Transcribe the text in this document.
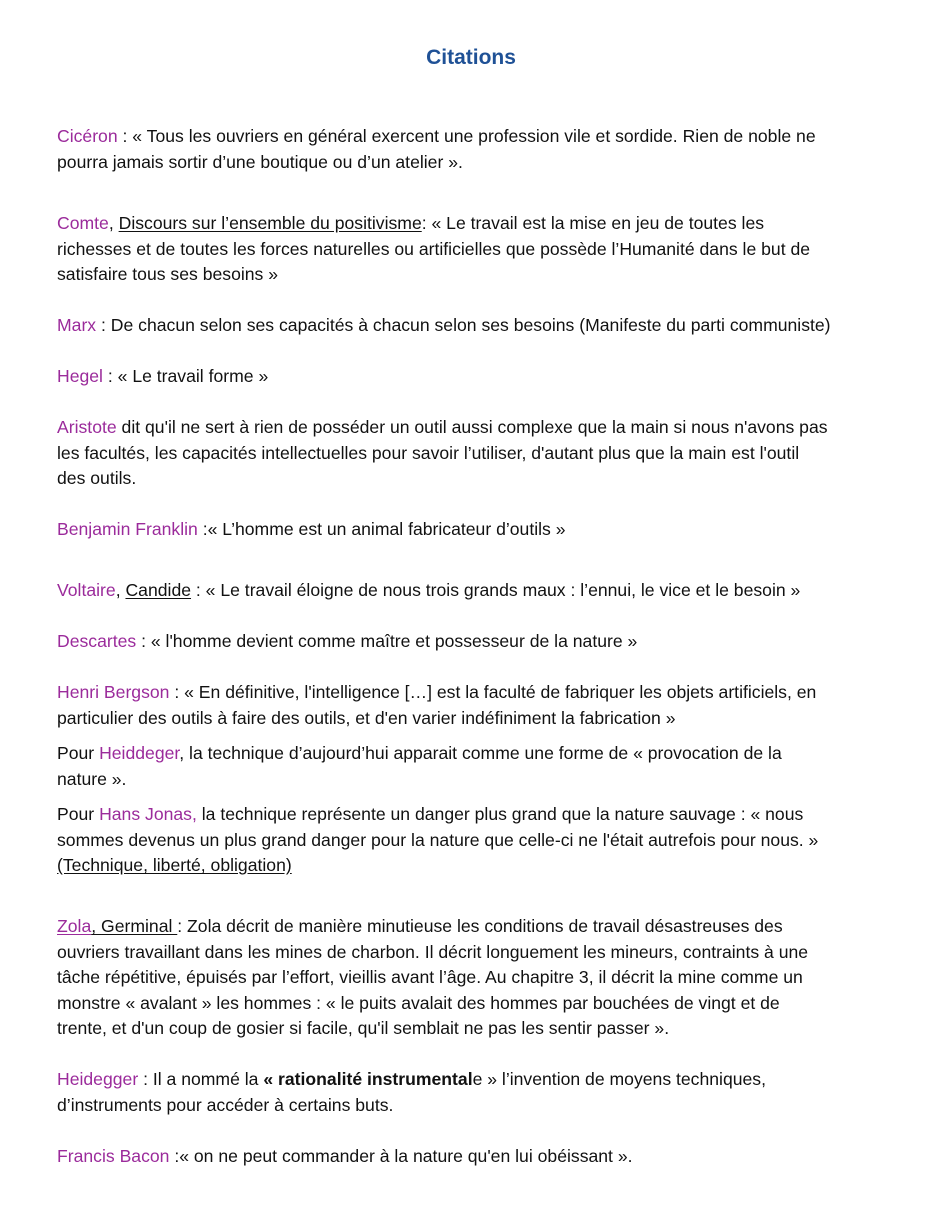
Citations
Cicéron : « Tous les ouvriers en général exercent une profession vile et sordide. Rien de noble ne
pourra jamais sortir d’une boutique ou d’un atelier ».
Comte, Discours sur l’ensemble du positivisme: « Le travail est la mise en jeu de toutes les
richesses et de toutes les forces naturelles ou artificielles que possède l’Humanité dans le but de
satisfaire tous ses besoins »
Marx : De chacun selon ses capacités à chacun selon ses besoins (Manifeste du parti communiste)
Hegel : « Le travail forme »
Aristote dit qu'il ne sert à rien de posséder un outil aussi complexe que la main si nous n'avons pas
les facultés, les capacités intellectuelles pour savoir l’utiliser, d'autant plus que la main est l'outil
des outils.
Benjamin Franklin :« L’homme est un animal fabricateur d’outils »
Voltaire, Candide : « Le travail éloigne de nous trois grands maux : l’ennui, le vice et le besoin »
Descartes : « l'homme devient comme maître et possesseur de la nature »
Henri Bergson : « En définitive, l'intelligence […] est la faculté de fabriquer les objets artificiels, en
particulier des outils à faire des outils, et d'en varier indéfiniment la fabrication »
Pour Heiddeger, la technique d’aujourd’hui apparait comme une forme de « provocation de la
nature ».
Pour Hans Jonas, la technique représente un danger plus grand que la nature sauvage : « nous
sommes devenus un plus grand danger pour la nature que celle-ci ne l'était autrefois pour nous. »
(Technique, liberté, obligation)
Zola, Germinal : Zola décrit de manière minutieuse les conditions de travail désastreuses des
ouvriers travaillant dans les mines de charbon. Il décrit longuement les mineurs, contraints à une
tâche répétitive, épuisés par l’effort, vieillis avant l’âge. Au chapitre 3, il décrit la mine comme un
monstre « avalant » les hommes : « le puits avalait des hommes par bouchées de vingt et de
trente, et d'un coup de gosier si facile, qu'il semblait ne pas les sentir passer ».
Heidegger : Il a nommé la « rationalité instrumentale » l’invention de moyens techniques,
d’instruments pour accéder à certains buts.
Francis Bacon :« on ne peut commander à la nature qu'en lui obéissant ».
